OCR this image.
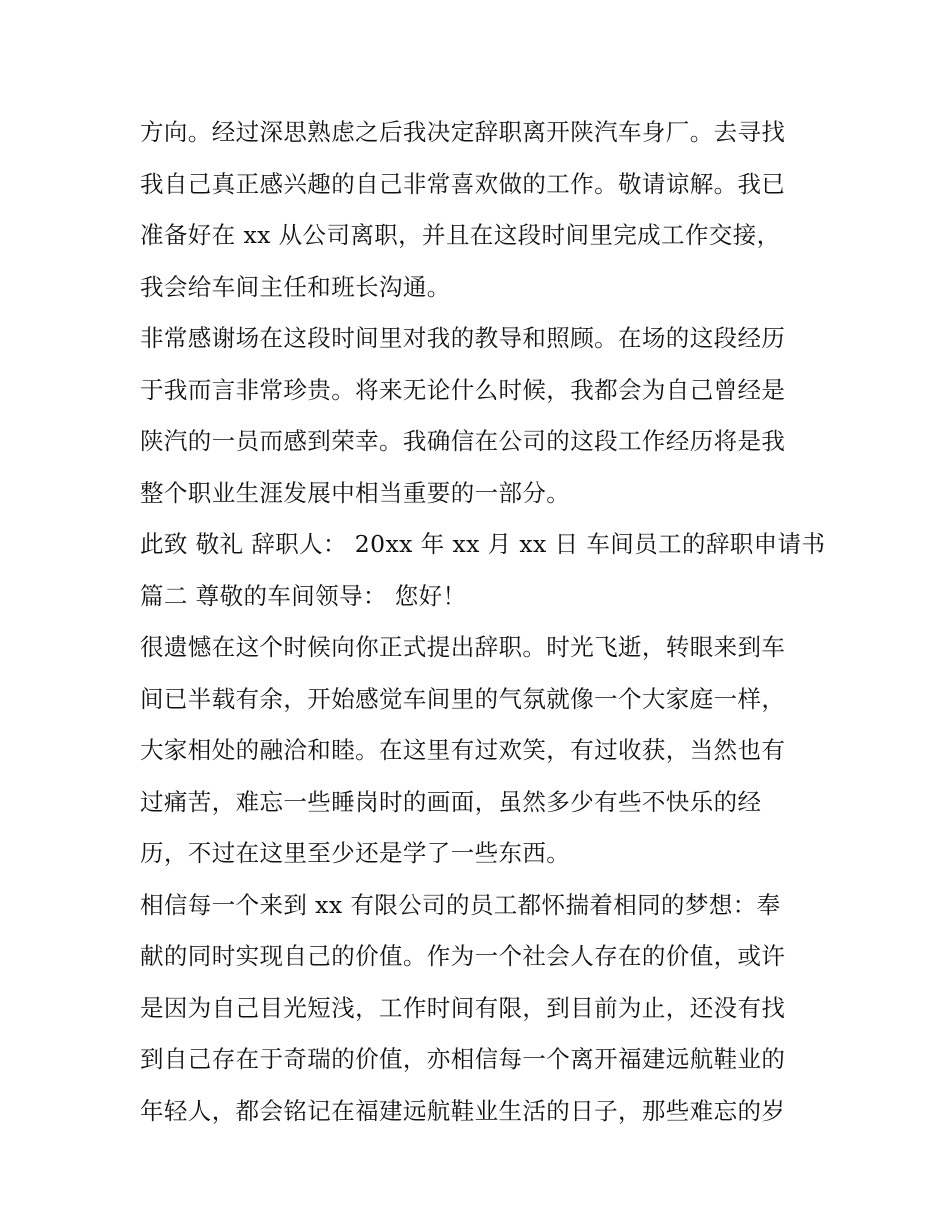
方向。经过深思熟虑之后我决定辞职离开陕汽车身厂。去寻找
我自己真正感兴趣的自己非常喜欢做的工作。敬请谅解。我已
准备好在 xx 从公司离职，并且在这段时间里完成工作交接，
我会给车间主任和班长沟通。
非常感谢场在这段时间里对我的教导和照顾。在场的这段经历
于我而言非常珍贵。将来无论什么时候，我都会为自己曾经是
陕汽的一员而感到荣幸。我确信在公司的这段工作经历将是我
整个职业生涯发展中相当重要的一部分。
此致 敬礼 辞职人： 20xx 年 xx 月 xx 日 车间员工的辞职申请书
篇二 尊敬的车间领导： 您好！
很遗憾在这个时候向你正式提出辞职。时光飞逝，转眼来到车
间已半载有余，开始感觉车间里的气氛就像一个大家庭一样，
大家相处的融洽和睦。在这里有过欢笑，有过收获，当然也有
过痛苦，难忘一些睡岗时的画面，虽然多少有些不快乐的经
历，不过在这里至少还是学了一些东西。
相信每一个来到 xx 有限公司的员工都怀揣着相同的梦想：奉
献的同时实现自己的价值。作为一个社会人存在的价值，或许
是因为自己目光短浅，工作时间有限，到目前为止，还没有找
到自己存在于奇瑞的价值，亦相信每一个离开福建远航鞋业的
年轻人，都会铭记在福建远航鞋业生活的日子，那些难忘的岁
